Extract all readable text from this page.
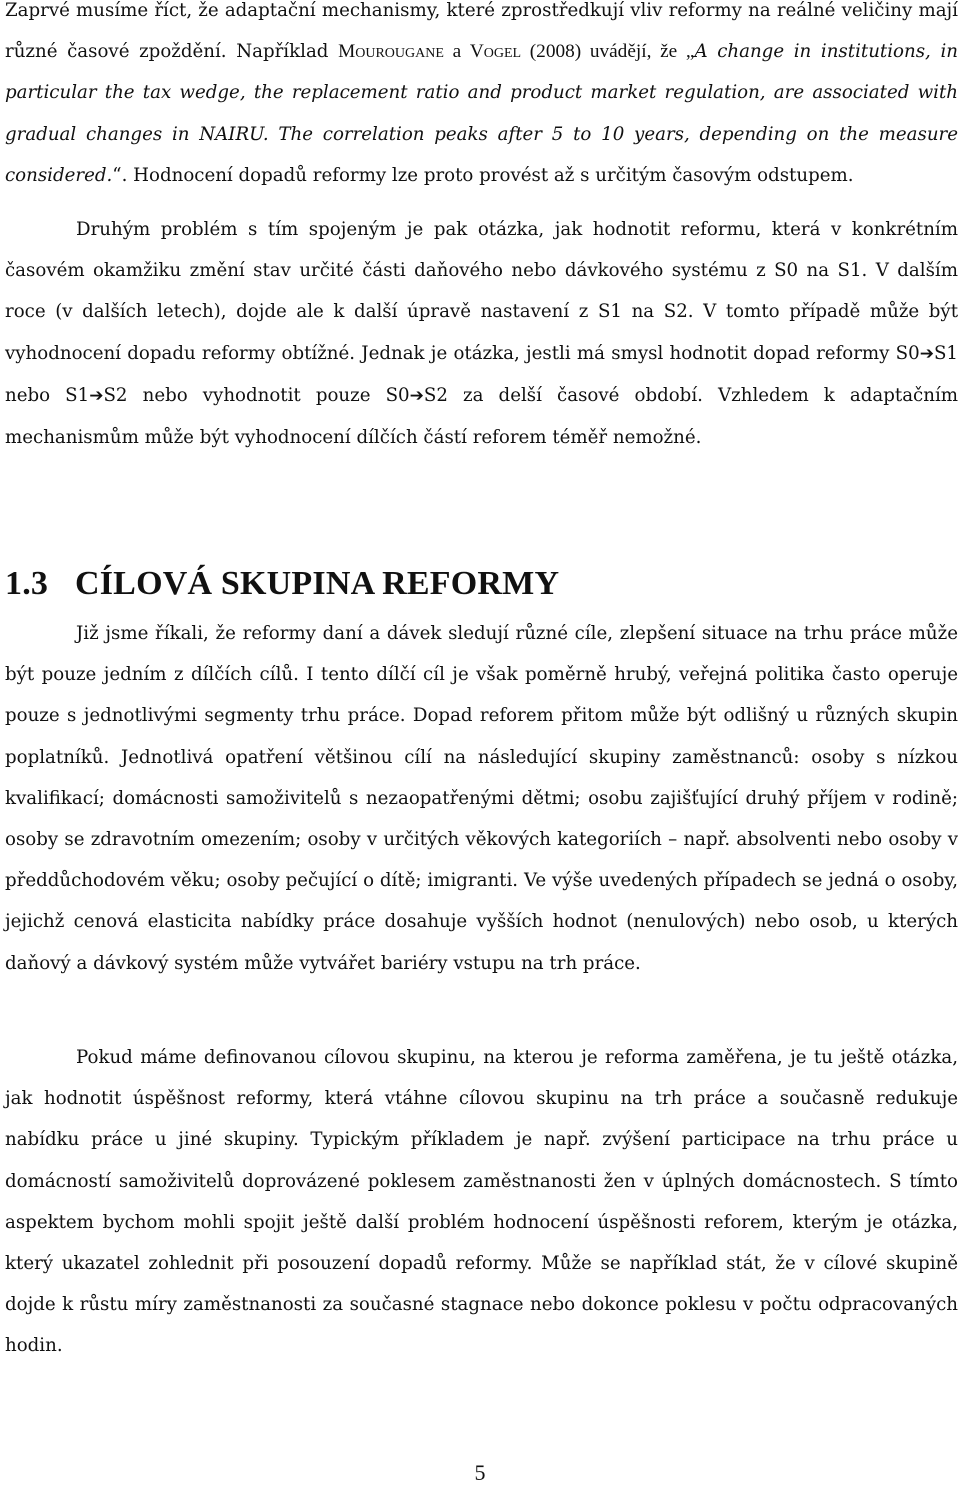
Zaprvé musíme říct, že adaptační mechanismy, které zprostředkují vliv reformy na reálné veličiny mají různé časové zpoždění. Například Mourougane a Vogel (2008) uvádějí, že „A change in institutions, in particular the tax wedge, the replacement ratio and product market regulation, are associated with gradual changes in NAIRU. The correlation peaks after 5 to 10 years, depending on the measure considered.“. Hodnocení dopadů reformy lze proto provést až s určitým časovým odstupem.

Druhým problém s tím spojeným je pak otázka, jak hodnotit reformu, která v konkrétním časovém okamžiku změní stav určité části daňového nebo dávkového systému z S0 na S1. V dalším roce (v dalších letech), dojde ale k další úpravě nastavení z S1 na S2. V tomto případě může být vyhodnocení dopadu reformy obtížné. Jednak je otázka, jestli má smysl hodnotit dopad reformy S0➔S1 nebo S1➔S2 nebo vyhodnotit pouze S0➔S2 za delší časové období. Vzhledem k adaptačním mechanismům může být vyhodnocení dílčích částí reforem téměř nemožné.

Již jsme říkali, že reformy daní a dávek sledují různé cíle, zlepšení situace na trhu práce může být pouze jedním z dílčích cílů. I tento dílčí cíl je však poměrně hrubý, veřejná politika často operuje pouze s jednotlivými segmenty trhu práce. Dopad reforem přitom může být odlišný u různých skupin poplatníků. Jednotlivá opatření většinou cílí na následující skupiny zaměstnanců: osoby s nízkou kvalifikací; domácnosti samoživitelů s nezaopatřenými dětmi; osobu zajišťující druhý příjem v rodině; osoby se zdravotním omezením; osoby v určitých věkových kategoriích – např. absolventi nebo osoby v předdůchodovém věku; osoby pečující o dítě; imigranti. Ve výše uvedených případech se jedná o osoby, jejichž cenová elasticita nabídky práce dosahuje vyšších hodnot (nenulových) nebo osob, u kterých daňový a dávkový systém může vytvářet bariéry vstupu na trh práce.

Pokud máme definovanou cílovou skupinu, na kterou je reforma zaměřena, je tu ještě otázka, jak hodnotit úspěšnost reformy, která vtáhne cílovou skupinu na trh práce a současně redukuje nabídku práce u jiné skupiny. Typickým příkladem je např. zvýšení participace na trhu práce u domácností samoživitelů doprovázené poklesem zaměstnanosti žen v úplných domácnostech. S tímto aspektem bychom mohli spojit ještě další problém hodnocení úspěšnosti reforem, kterým je otázka, který ukazatel zohlednit při posouzení dopadů reformy. Může se například stát, že v cílové skupině dojde k růstu míry zaměstnanosti za současné stagnace nebo dokonce poklesu v počtu odpracovaných hodin.

1.3 CÍLOVÁ SKUPINA REFORMY
5
